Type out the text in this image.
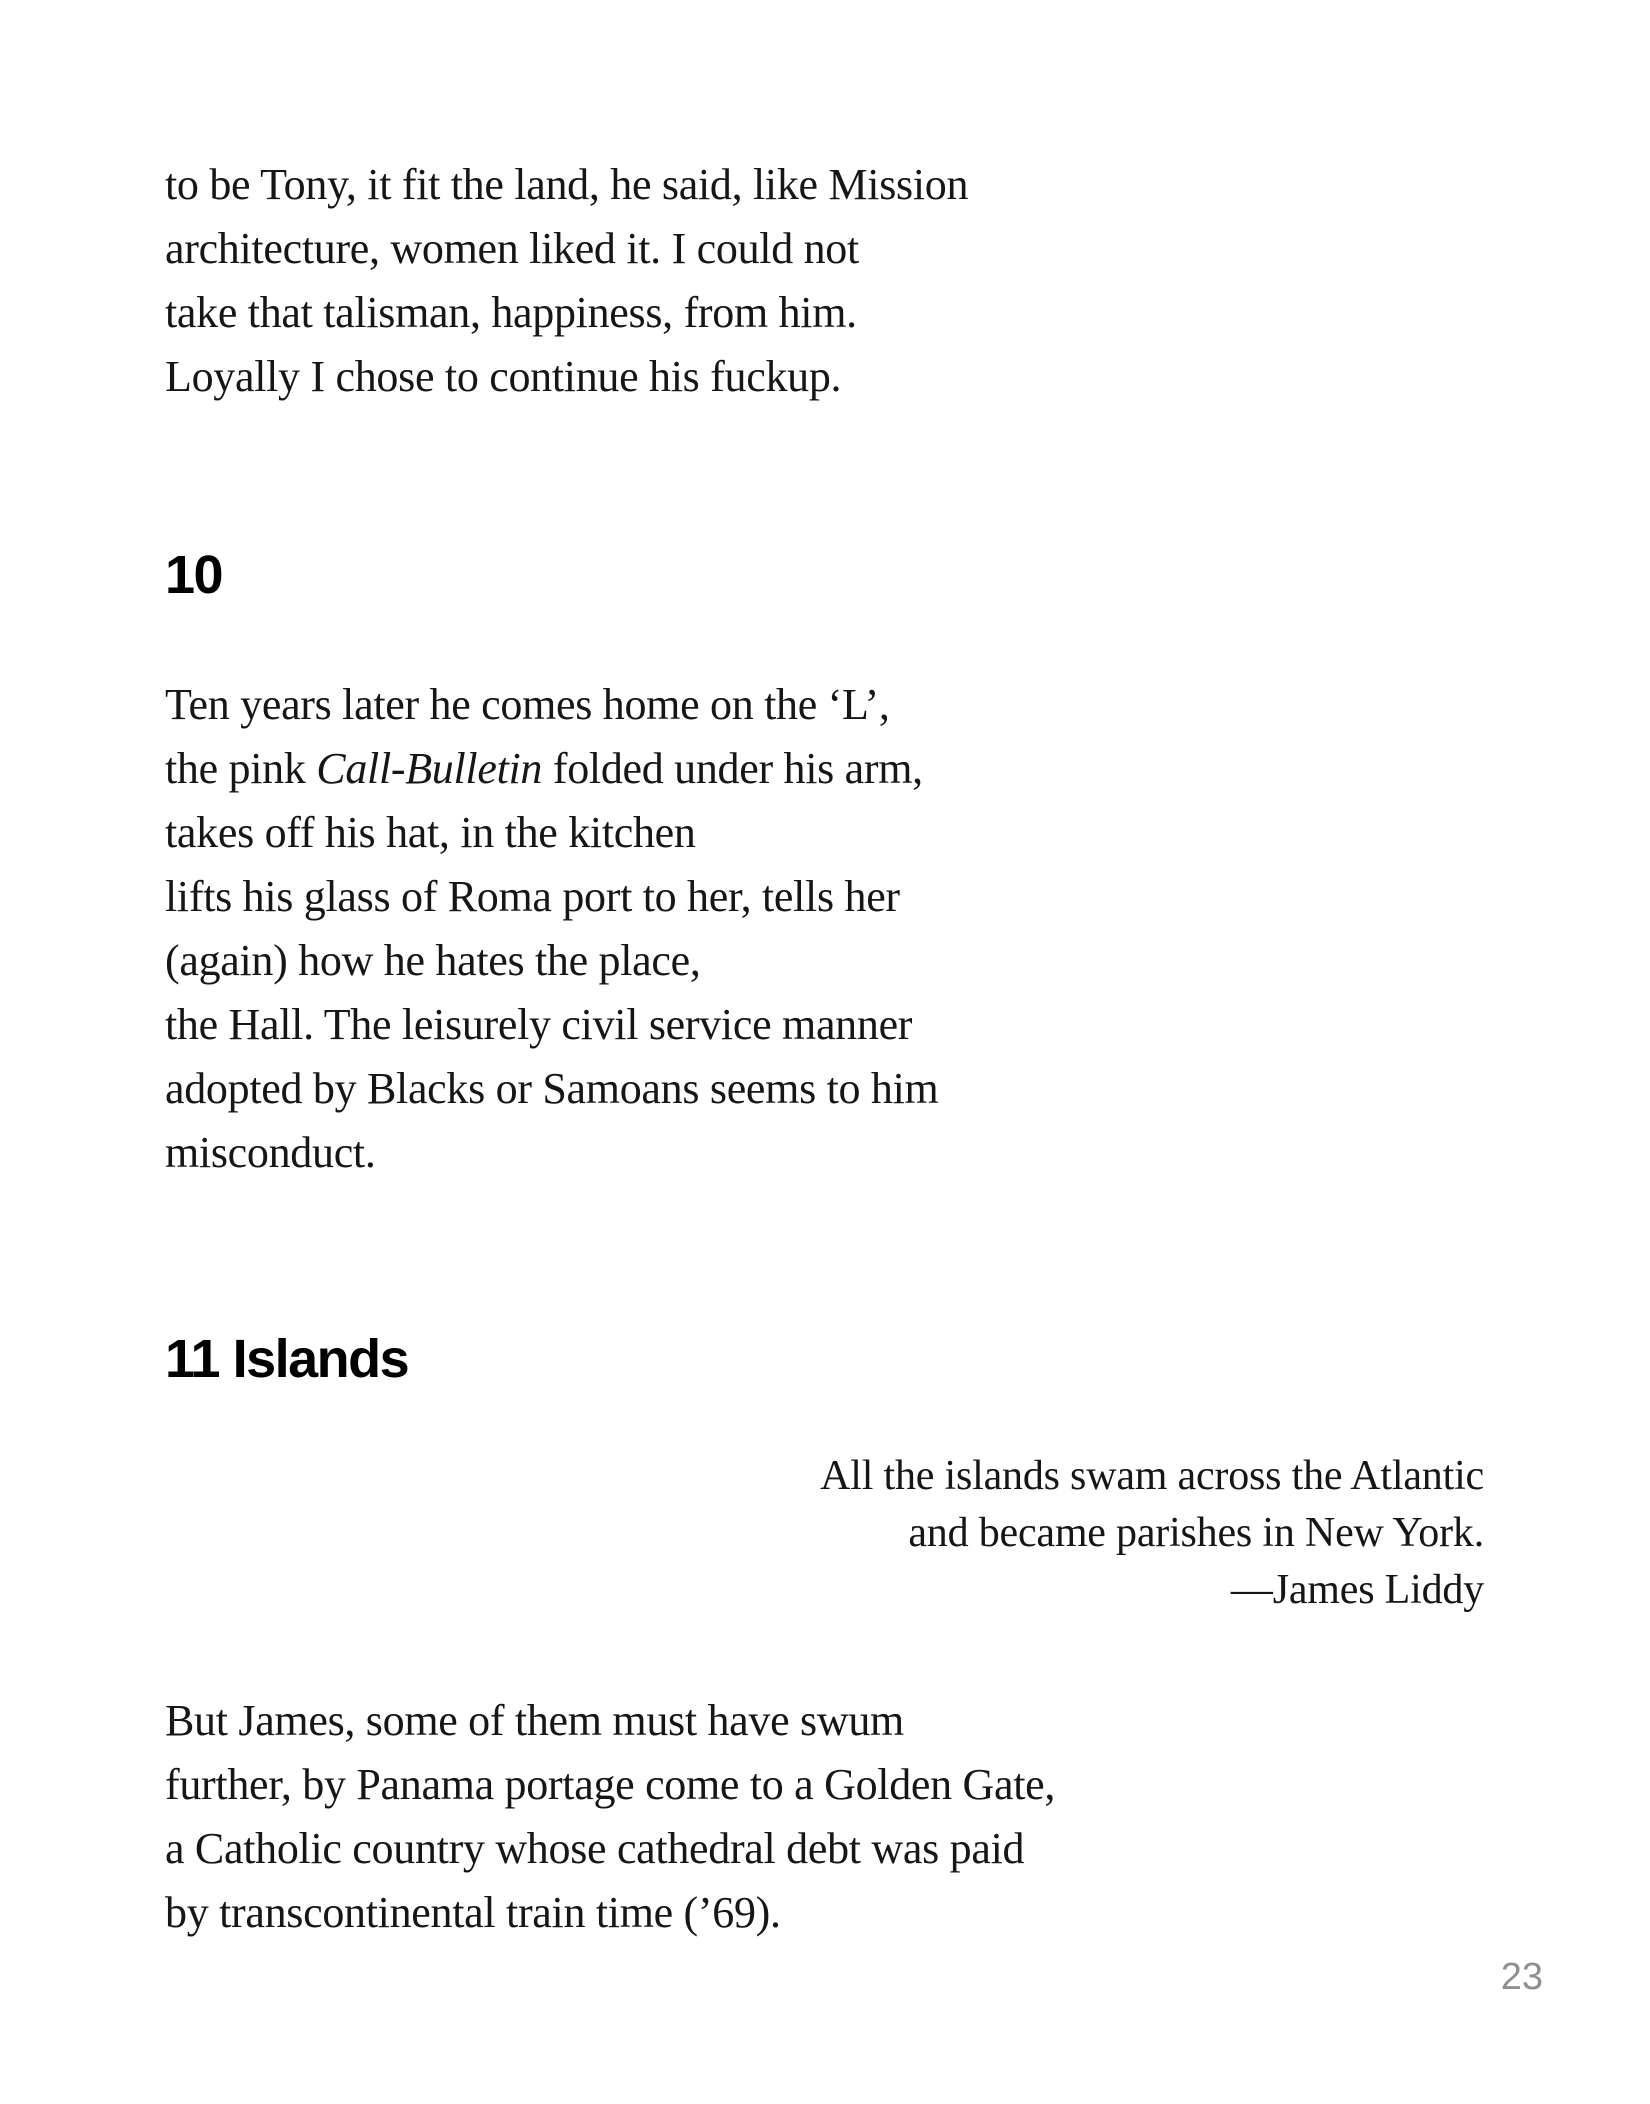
to be Tony, it fit the land, he said, like Mission
architecture, women liked it. I could not
take that talisman, happiness, from him.
Loyally I chose to continue his fuckup.
10
Ten years later he comes home on the ‘L’,
the pink Call-Bulletin folded under his arm,
takes off his hat, in the kitchen
lifts his glass of Roma port to her, tells her
(again) how he hates the place,
the Hall. The leisurely civil service manner
adopted by Blacks or Samoans seems to him
misconduct.
11 Islands
All the islands swam across the Atlantic
and became parishes in New York.
—James Liddy
But James, some of them must have swum
further, by Panama portage come to a Golden Gate,
a Catholic country whose cathedral debt was paid
by transcontinental train time (’69).
23
